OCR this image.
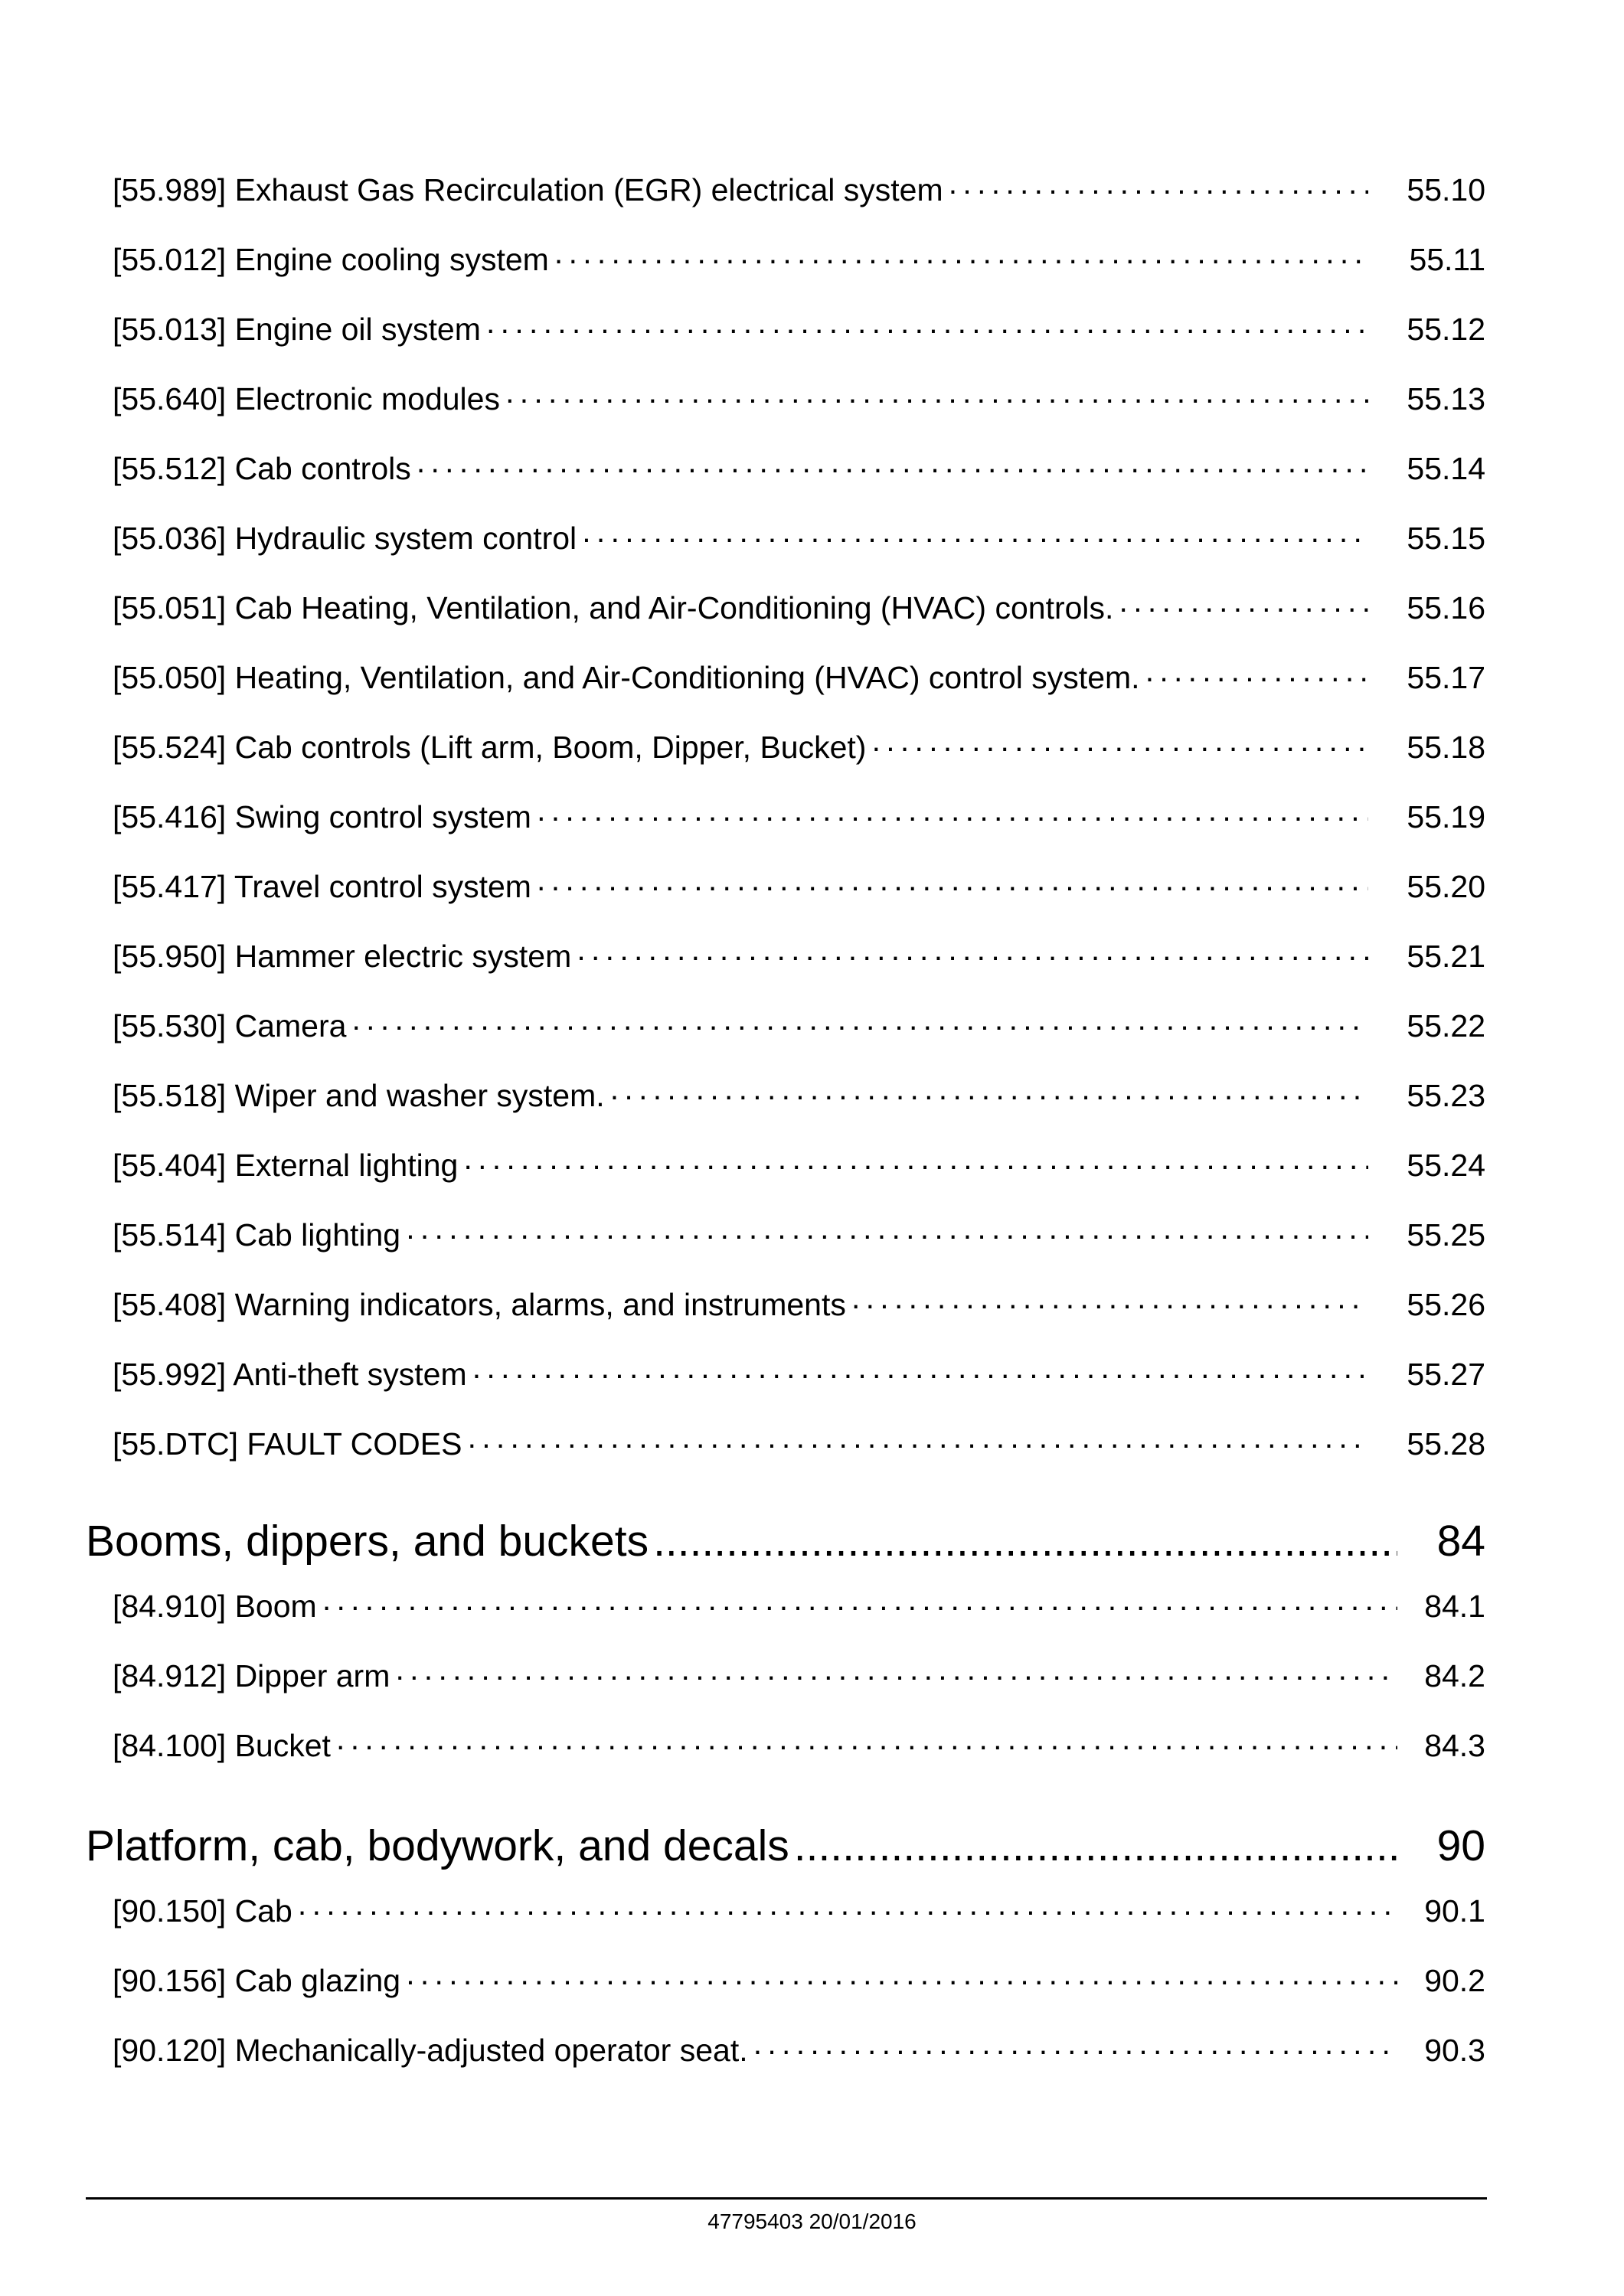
[55.989] Exhaust Gas Recirculation (EGR) electrical system ·····	55.10
[55.012] Engine cooling system ·····	55.11
[55.013] Engine oil system ·····	55.12
[55.640] Electronic modules ·····	55.13
[55.512] Cab controls ·····	55.14
[55.036] Hydraulic system control ·····	55.15
[55.051] Cab Heating, Ventilation, and Air-Conditioning (HVAC) controls. ·····	55.16
[55.050] Heating, Ventilation, and Air-Conditioning (HVAC) control system. ·····	55.17
[55.524] Cab controls (Lift arm, Boom, Dipper, Bucket) ·····	55.18
[55.416] Swing control system ·····	55.19
[55.417] Travel control system ·····	55.20
[55.950] Hammer electric system ·····	55.21
[55.530] Camera ·····	55.22
[55.518] Wiper and washer system. ·····	55.23
[55.404] External lighting ·····	55.24
[55.514] Cab lighting ·····	55.25
[55.408] Warning indicators, alarms, and instruments ·····	55.26
[55.992] Anti-theft system ·····	55.27
[55.DTC] FAULT CODES ·····	55.28
Booms, dippers, and buckets .....	84
[84.910] Boom ·····	84.1
[84.912] Dipper arm ·····	84.2
[84.100] Bucket ·····	84.3
Platform, cab, bodywork, and decals .....	90
[90.150] Cab ·····	90.1
[90.156] Cab glazing ·····	90.2
[90.120] Mechanically-adjusted operator seat. ·····	90.3
47795403 20/01/2016
